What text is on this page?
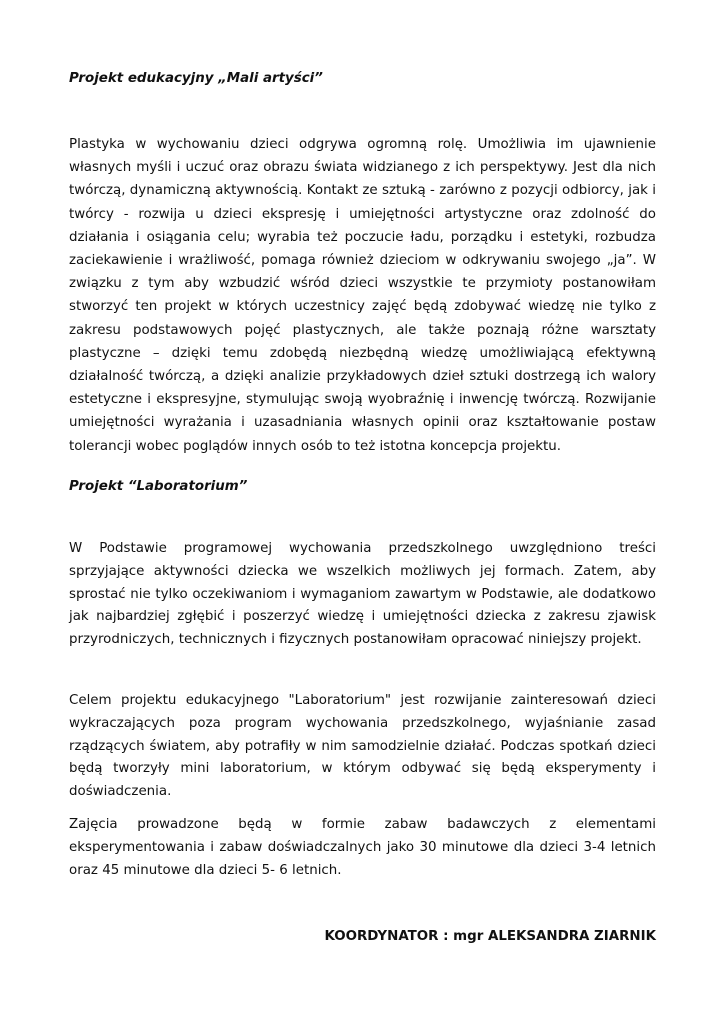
Projekt edukacyjny „Mali artyści”

Plastyka w wychowaniu dzieci odgrywa ogromną rolę. Umożliwia im ujawnienie własnych myśli i uczuć oraz obrazu świata widzianego z ich perspektywy. Jest dla nich twórczą, dynamiczną aktywnością. Kontakt ze sztuką - zarówno z pozycji odbiorcy, jak i twórcy - rozwija u dzieci ekspresję i umiejętności artystyczne oraz zdolność do działania i osiągania celu; wyrabia też poczucie ładu, porządku i estetyki, rozbudza zaciekawienie i wrażliwość, pomaga również dzieciom w odkrywaniu swojego „ja”. W związku z tym aby wzbudzić wśród dzieci wszystkie te przymioty postanowiłam stworzyć ten projekt w których uczestnicy zajęć będą zdobywać wiedzę nie tylko z zakresu podstawowych pojęć plastycznych, ale także poznają różne warsztaty plastyczne – dzięki temu zdobędą niezbędną wiedzę umożliwiającą efektywną działalność twórczą, a dzięki analizie przykładowych dzieł sztuki dostrzegą ich walory estetyczne i ekspresyjne, stymulując swoją wyobraźnię i inwencję twórczą. Rozwijanie umiejętności wyrażania i uzasadniania własnych opinii oraz kształtowanie postaw tolerancji wobec poglądów innych osób to też istotna koncepcja projektu.

Projekt “Laboratorium”

W Podstawie programowej wychowania przedszkolnego uwzględniono treści sprzyjające aktywności dziecka we wszelkich możliwych jej formach. Zatem, aby sprostać nie tylko oczekiwaniom i wymaganiom zawartym w Podstawie, ale dodatkowo jak najbardziej zgłębić i poszerzyć wiedzę i umiejętności dziecka z zakresu zjawisk przyrodniczych, technicznych i fizycznych postanowiłam opracować niniejszy projekt.

Celem projektu edukacyjnego "Laboratorium" jest rozwijanie zainteresowań dzieci wykraczających poza program wychowania przedszkolnego, wyjaśnianie zasad rządzących światem, aby potrafiły w nim samodzielnie działać. Podczas spotkań dzieci będą tworzyły mini laboratorium, w którym odbywać się będą eksperymenty i doświadczenia.

Zajęcia prowadzone będą w formie zabaw badawczych z elementami eksperymentowania i zabaw doświadczalnych jako 30 minutowe dla dzieci 3-4 letnich oraz 45 minutowe dla dzieci 5- 6 letnich.

KOORDYNATOR : mgr ALEKSANDRA ZIARNIK
